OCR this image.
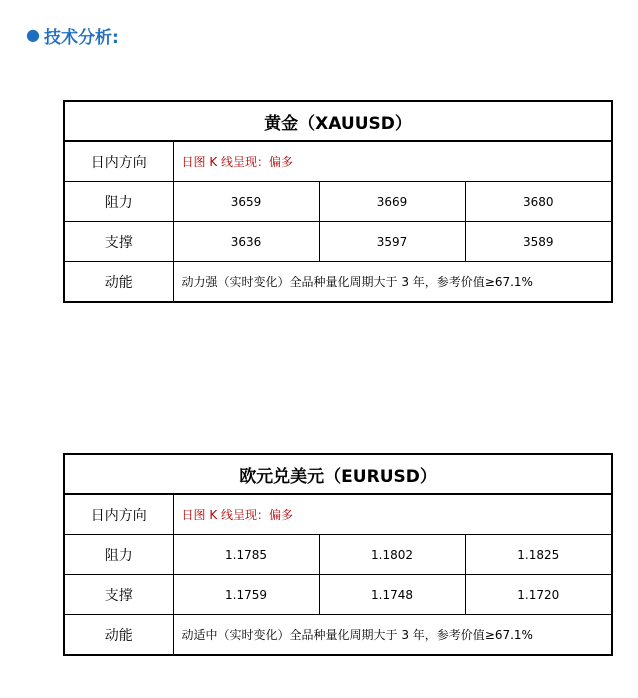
● 技术分析:
黄金（XAUUSD）			
日内方向	日图 K 线呈现：偏多		
阻力	3659	3669	3680
支撑	3636	3597	3589
动能	动力强（实时变化）全品种量化周期大于 3 年，参考价值≥67.1%		
欧元兑美元（EURUSD）			
日内方向	日图 K 线呈现：偏多		
阻力	1.1785	1.1802	1.1825
支撑	1.1759	1.1748	1.1720
动能	动适中（实时变化）全品种量化周期大于 3 年，参考价值≥67.1%		
